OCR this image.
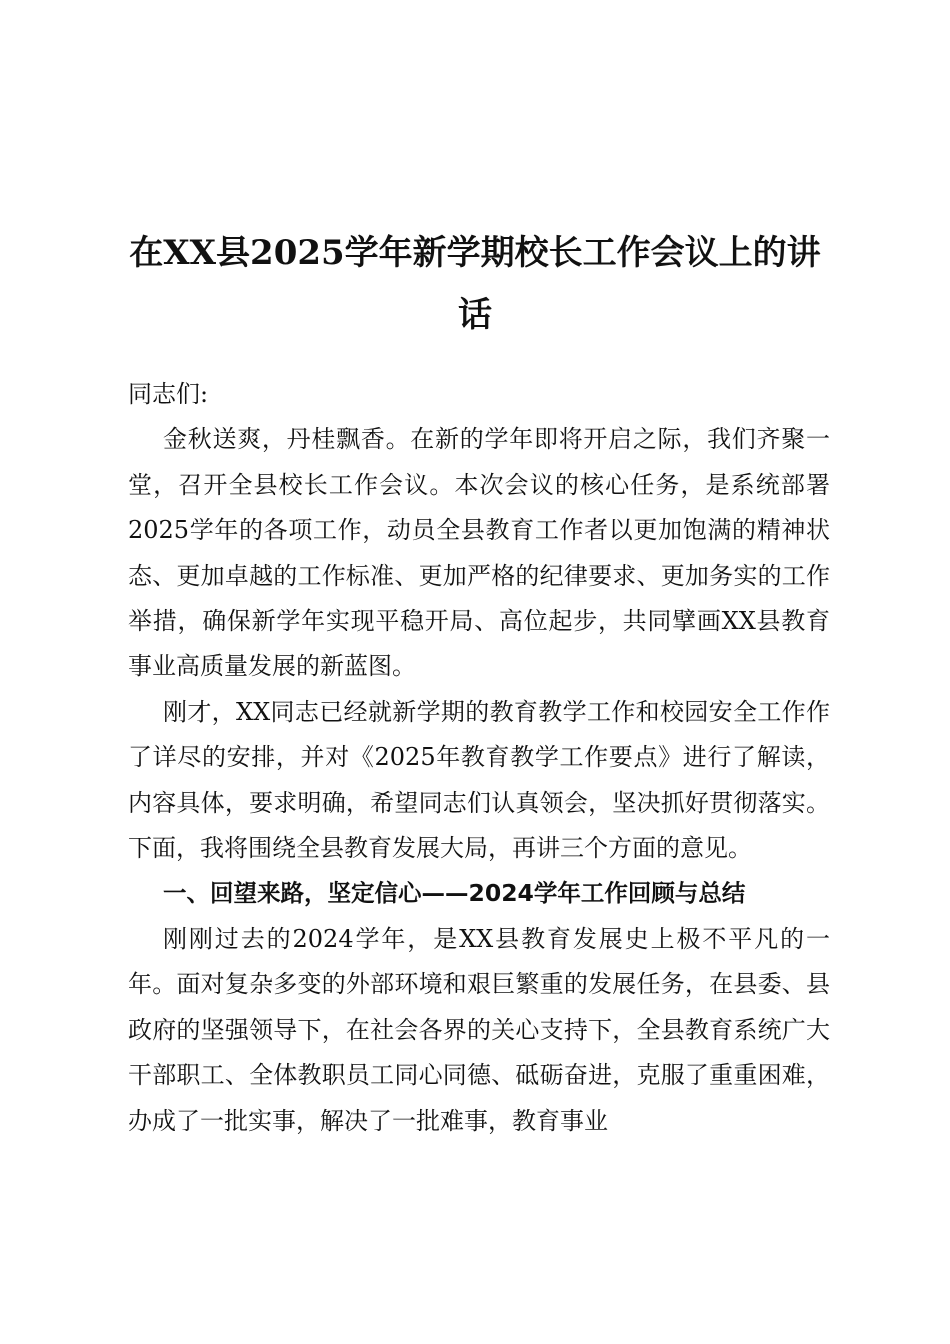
在XX县2025学年新学期校长工作会议上的讲话

同志们:

金秋送爽，丹桂飘香。在新的学年即将开启之际，我们齐聚一堂，召开全县校长工作会议。本次会议的核心任务，是系统部署2025学年的各项工作，动员全县教育工作者以更加饱满的精神状态、更加卓越的工作标准、更加严格的纪律要求、更加务实的工作举措，确保新学年实现平稳开局、高位起步，共同擘画XX县教育事业高质量发展的新蓝图。

刚才，XX同志已经就新学期的教育教学工作和校园安全工作作了详尽的安排，并对《2025年教育教学工作要点》进行了解读，内容具体，要求明确，希望同志们认真领会，坚决抓好贯彻落实。下面，我将围绕全县教育发展大局，再讲三个方面的意见。

一、回望来路，坚定信心——2024学年工作回顾与总结

刚刚过去的2024学年，是XX县教育发展史上极不平凡的一年。面对复杂多变的外部环境和艰巨繁重的发展任务，在县委、县政府的坚强领导下，在社会各界的关心支持下，全县教育系统广大干部职工、全体教职员工同心同德、砥砺奋进，克服了重重困难，办成了一批实事，解决了一批难事，教育事业
